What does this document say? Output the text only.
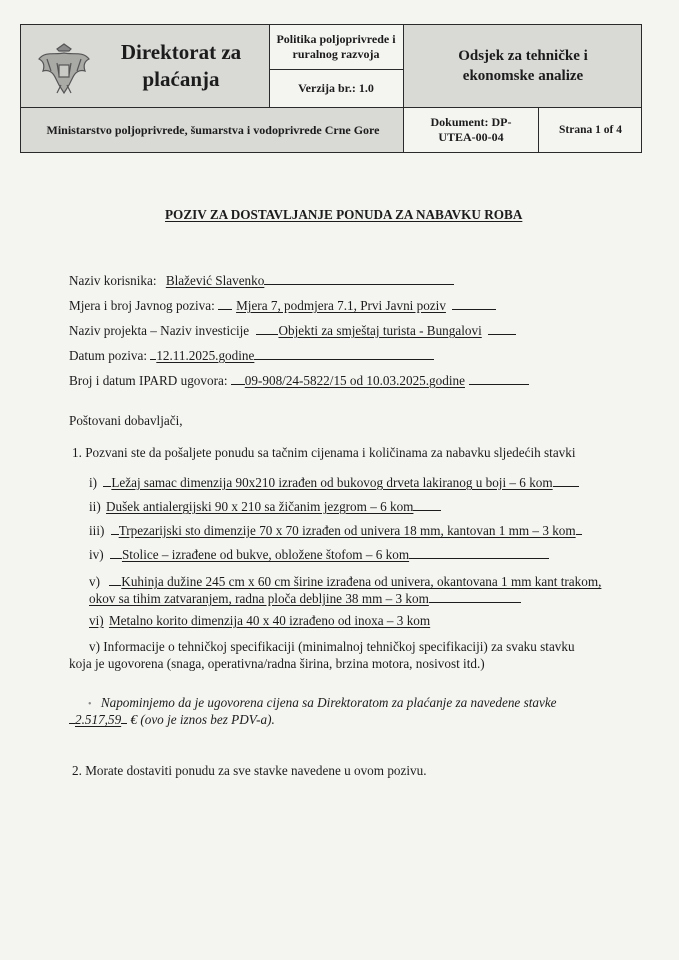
Direktorat za plaćanja
Politika poljoprivrede i ruralnog razvoja
Verzija br.: 1.0
Odsjek za tehničke i ekonomske analize
Ministarstvo poljoprivrede, šumarstva i vodoprivrede Crne Gore
Dokument: DP-UTEA-00-04
Strana 1 of 4
POZIV ZA DOSTAVLJANJE PONUDA ZA NABAVKU ROBA
Naziv korisnika: Blažević Slavenko
Mjera i broj Javnog poziva: Mjera 7, podmjera 7.1, Prvi Javni poziv
Naziv projekta – Naziv investicije Objekti za smještaj turista - Bungalovi
Datum poziva: 12.11.2025.godine
Broj i datum IPARD ugovora: 09-908/24-5822/15 od 10.03.2025.godine
Poštovani dobavljači,
1. Pozvani ste da pošaljete ponudu sa tačnim cijenama i količinama za nabavku sljedećih stavki
i) Ležaj samac dimenzija 90x210 izrađen od bukovog drveta lakiranog u boji – 6 kom
ii) Dušek antialergijski 90 x 210 sa žičanim jezgrom – 6 kom
iii) Trpezarijski sto dimenzije 70 x 70 izrađen od univera 18 mm, kantovan 1 mm – 3 kom
iv) Stolice – izrađene od bukve, obložene štofom – 6 kom
v) Kuhinja dužine 245 cm x 60 cm širine izrađena od univera, okantovana 1 mm kant trakom,
okov sa tihim zatvaranjem, radna ploča debljine 38 mm – 3 kom
vi) Metalno korito dimenzija 40 x 40 izrađeno od inoxa – 3 kom
v) Informacije o tehničkoj specifikaciji (minimalnoj tehničkoj specifikaciji) za svaku stavku
koja je ugovorena (snaga, operativna/radna širina, brzina motora, nosivost itd.)
• Napominjemo da je ugovorena cijena sa Direktoratom za plaćanje za navedene stavke
2.517,59 € (ovo je iznos bez PDV-a).
2. Morate dostaviti ponudu za sve stavke navedene u ovom pozivu.
